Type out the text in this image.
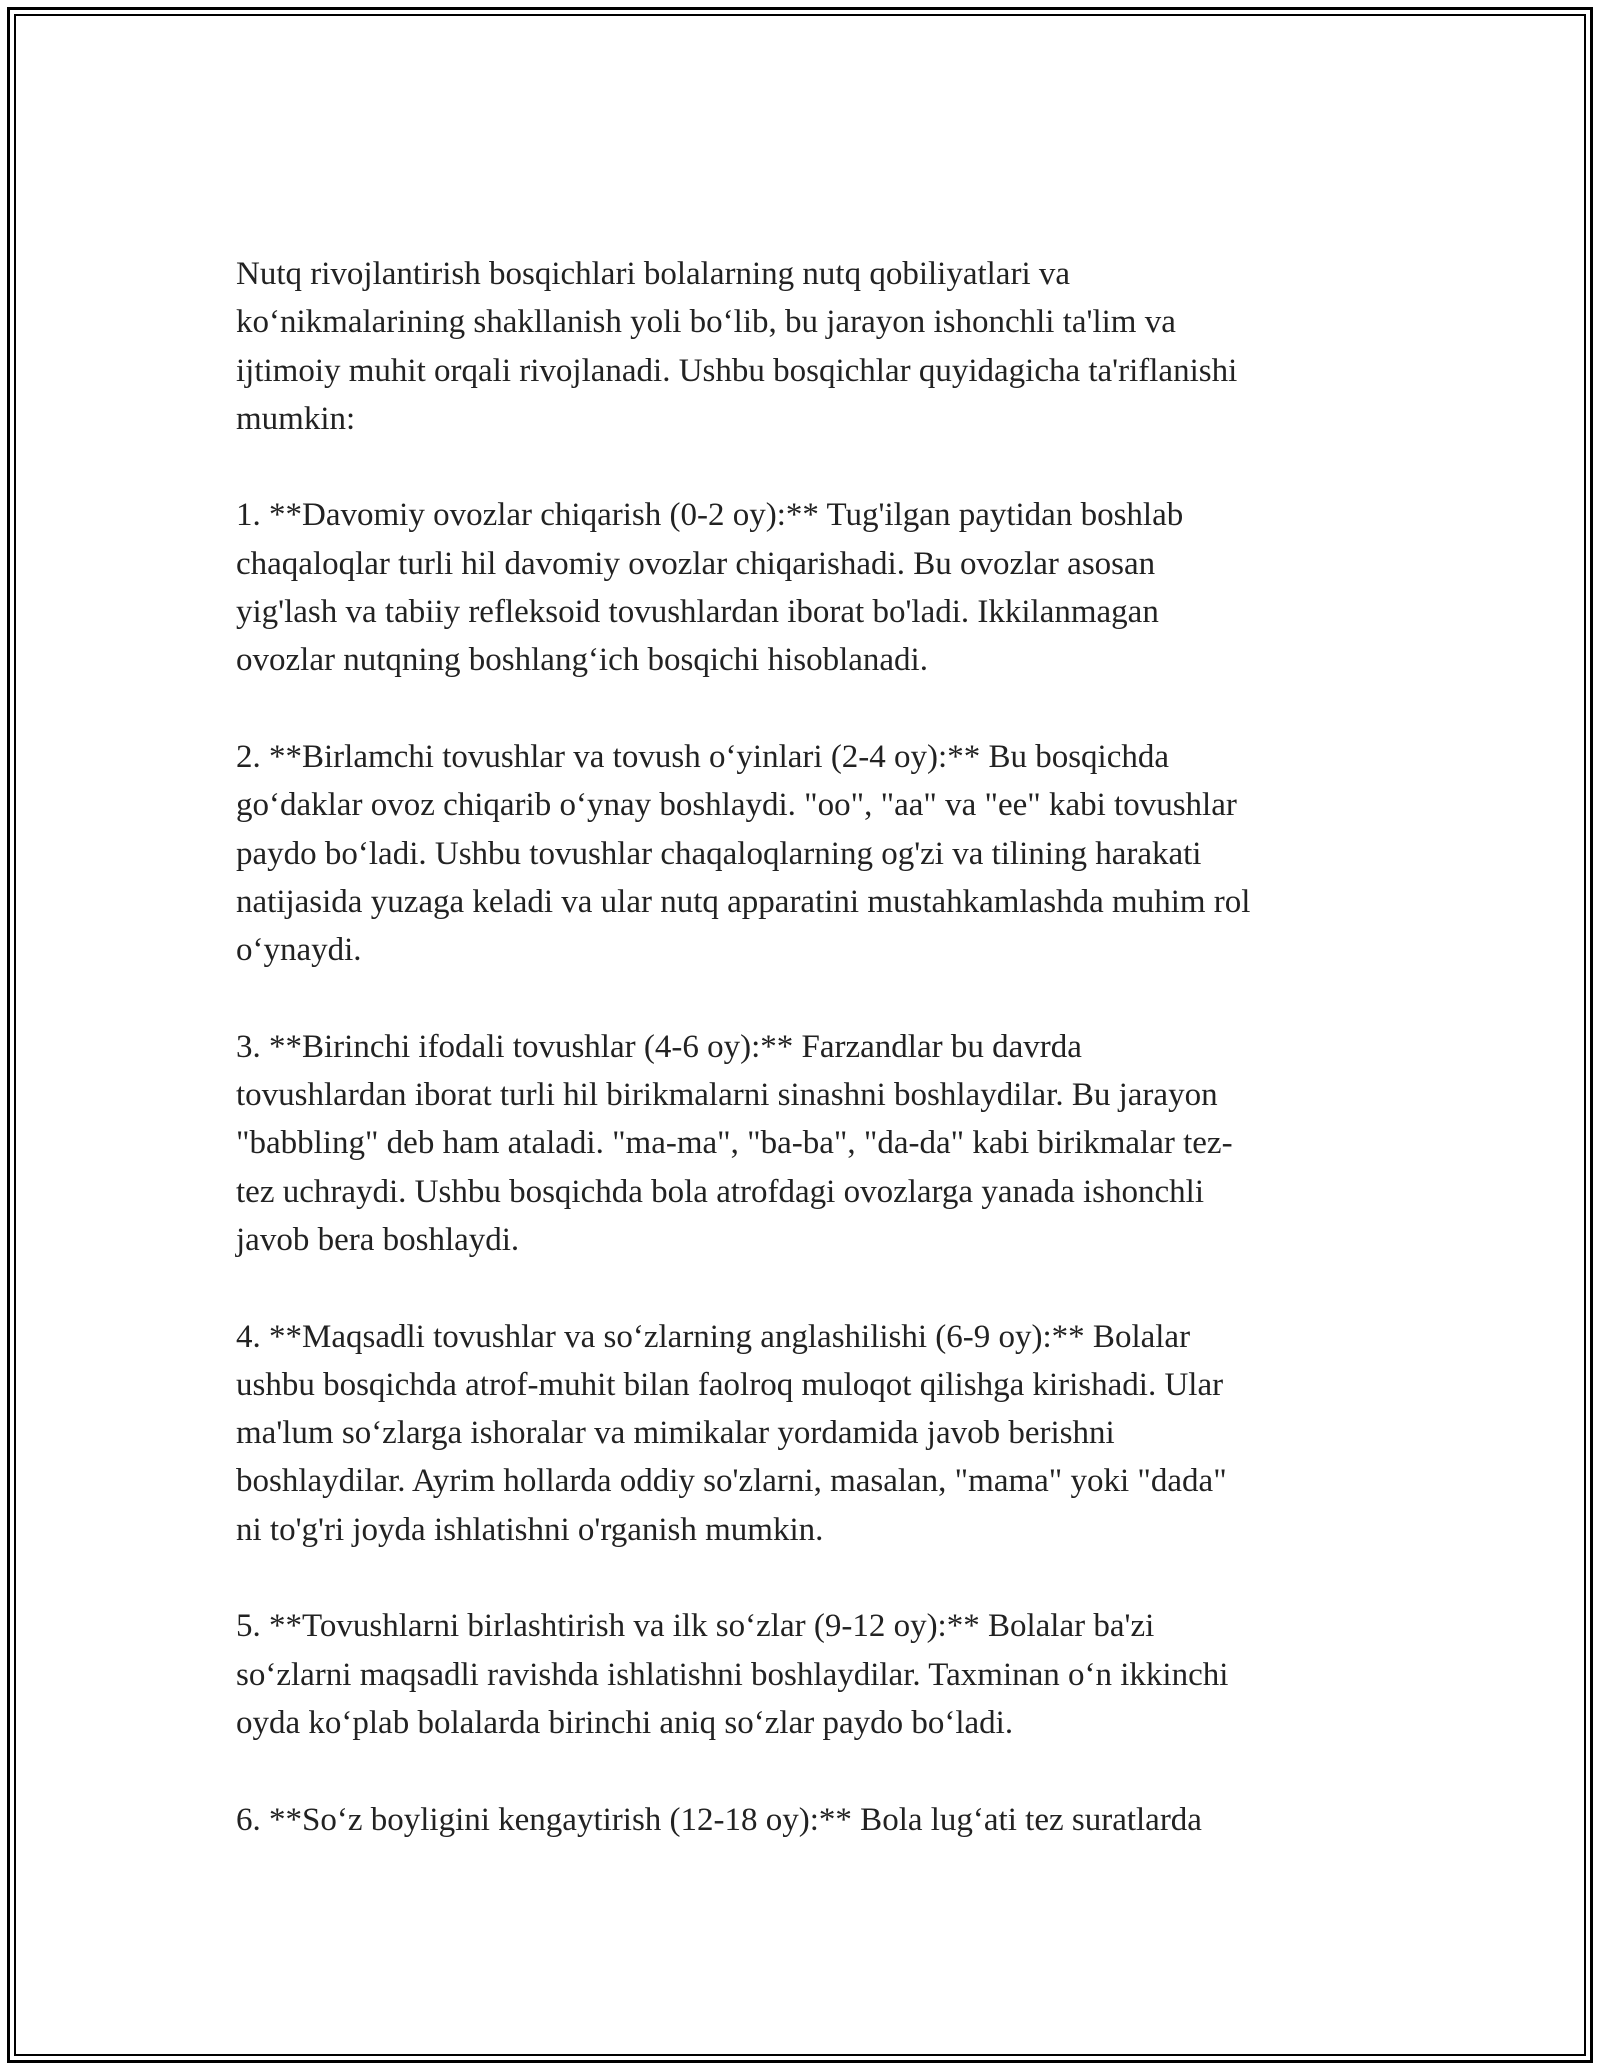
Nutq rivojlantirish bosqichlari bolalarning nutq qobiliyatlari va
koʻnikmalarining shakllanish yoli boʻlib, bu jarayon ishonchli ta'lim va
ijtimoiy muhit orqali rivojlanadi. Ushbu bosqichlar quyidagicha ta'riflanishi
mumkin:

1. **Davomiy ovozlar chiqarish (0-2 oy):** Tug'ilgan paytidan boshlab
chaqaloqlar turli hil davomiy ovozlar chiqarishadi. Bu ovozlar asosan
yig'lash va tabiiy refleksoid tovushlardan iborat bo'ladi. Ikkilanmagan
ovozlar nutqning boshlangʻich bosqichi hisoblanadi.

2. **Birlamchi tovushlar va tovush oʻyinlari (2-4 oy):** Bu bosqichda
goʻdaklar ovoz chiqarib oʻynay boshlaydi. "oo", "aa" va "ee" kabi tovushlar
paydo boʻladi. Ushbu tovushlar chaqaloqlarning og'zi va tilining harakati
natijasida yuzaga keladi va ular nutq apparatini mustahkamlashda muhim rol
oʻynaydi.

3. **Birinchi ifodali tovushlar (4-6 oy):** Farzandlar bu davrda
tovushlardan iborat turli hil birikmalarni sinashni boshlaydilar. Bu jarayon
"babbling" deb ham ataladi. "ma-ma", "ba-ba", "da-da" kabi birikmalar tez-
tez uchraydi. Ushbu bosqichda bola atrofdagi ovozlarga yanada ishonchli
javob bera boshlaydi.

4. **Maqsadli tovushlar va soʻzlarning anglashilishi (6-9 oy):** Bolalar
ushbu bosqichda atrof-muhit bilan faolroq muloqot qilishga kirishadi. Ular
ma'lum soʻzlarga ishoralar va mimikalar yordamida javob berishni
boshlaydilar. Ayrim hollarda oddiy so'zlarni, masalan, "mama" yoki "dada"
ni to'g'ri joyda ishlatishni o'rganish mumkin.

5. **Tovushlarni birlashtirish va ilk soʻzlar (9-12 oy):** Bolalar ba'zi
soʻzlarni maqsadli ravishda ishlatishni boshlaydilar. Taxminan oʻn ikkinchi
oyda koʻplab bolalarda birinchi aniq soʻzlar paydo boʻladi.

6. **Soʻz boyligini kengaytirish (12-18 oy):** Bola lugʻati tez suratlarda
